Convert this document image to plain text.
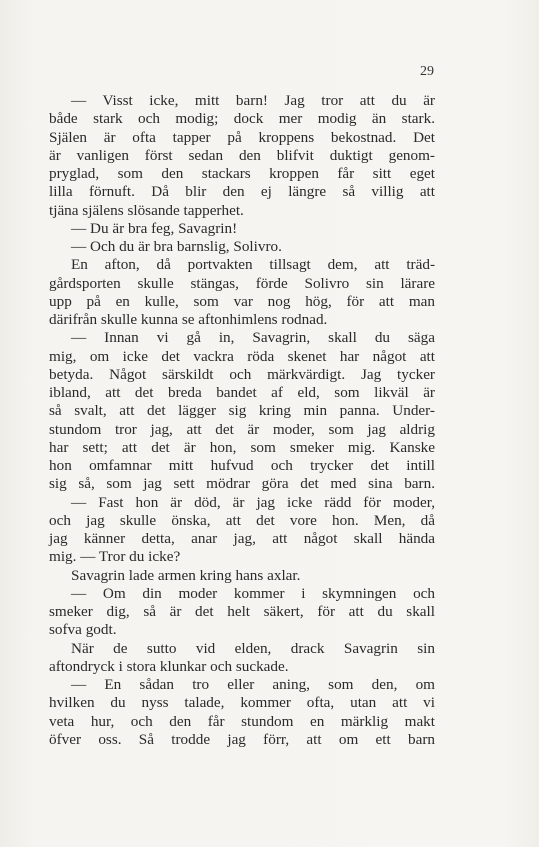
29
— Visst icke, mitt barn! Jag tror att du är
både stark och modig; dock mer modig än stark.
Själen är ofta tapper på kroppens bekostnad. Det
är vanligen först sedan den blifvit duktigt genom-
pryglad, som den stackars kroppen får sitt eget
lilla förnuft. Då blir den ej längre så villig att
tjäna själens slösande tapperhet.
— Du är bra feg, Savagrin!
— Och du är bra barnslig, Solivro.
En afton, då portvakten tillsagt dem, att träd-
gårdsporten skulle stängas, förde Solivro sin lärare
upp på en kulle, som var nog hög, för att man
därifrån skulle kunna se aftonhimlens rodnad.
— Innan vi gå in, Savagrin, skall du säga
mig, om icke det vackra röda skenet har något att
betyda. Något särskildt och märkvärdigt. Jag tycker
ibland, att det breda bandet af eld, som likväl är
så svalt, att det lägger sig kring min panna. Under-
stundom tror jag, att det är moder, som jag aldrig
har sett; att det är hon, som smeker mig. Kanske
hon omfamnar mitt hufvud och trycker det intill
sig så, som jag sett mödrar göra det med sina barn.
— Fast hon är död, är jag icke rädd för moder,
och jag skulle önska, att det vore hon. Men, då
jag känner detta, anar jag, att något skall hända
mig. — Tror du icke?
Savagrin lade armen kring hans axlar.
— Om din moder kommer i skymningen och
smeker dig, så är det helt säkert, för att du skall
sofva godt.
När de sutto vid elden, drack Savagrin sin
aftondryck i stora klunkar och suckade.
— En sådan tro eller aning, som den, om
hvilken du nyss talade, kommer ofta, utan att vi
veta hur, och den får stundom en märklig makt
öfver oss. Så trodde jag förr, att om ett barn
